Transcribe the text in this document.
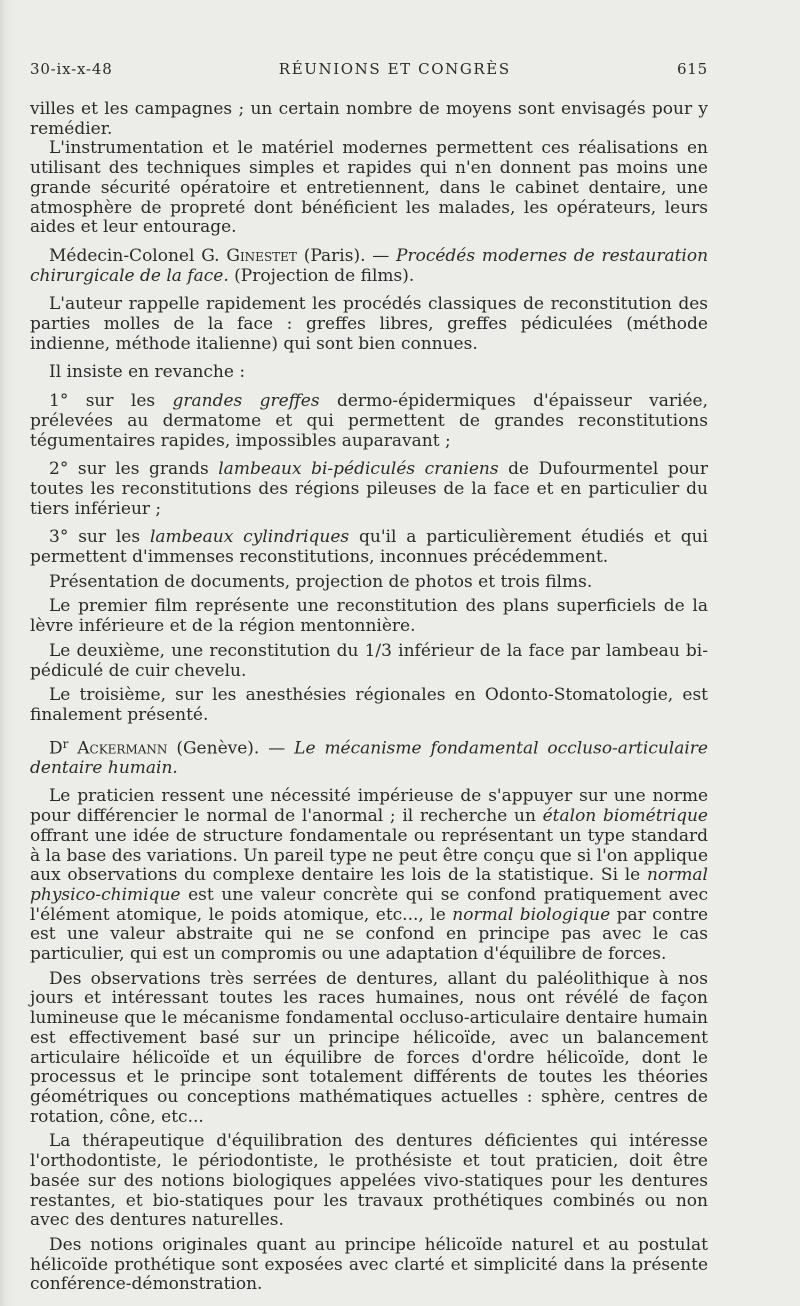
30-ix-x-48	RÉUNIONS ET CONGRÈS	615

villes et les campagnes ; un certain nombre de moyens sont envisagés pour y remédier.

L'instrumentation et le matériel modernes permettent ces réalisations en utilisant des techniques simples et rapides qui n'en donnent pas moins une grande sécurité opératoire et entretiennent, dans le cabinet dentaire, une atmosphère de propreté dont bénéficient les malades, les opérateurs, leurs aides et leur entourage.

Médecin-Colonel G. Ginestet (Paris). — Procédés modernes de restauration chirurgicale de la face. (Projection de films).

L'auteur rappelle rapidement les procédés classiques de reconstitution des parties molles de la face : greffes libres, greffes pédiculées (méthode indienne, méthode italienne) qui sont bien connues.

Il insiste en revanche :

1° sur les grandes greffes dermo-épidermiques d'épaisseur variée, prélevées au dermatome et qui permettent de grandes reconstitutions tégumentaires rapides, impossibles auparavant ;

2° sur les grands lambeaux bi-pédiculés craniens de Dufourmentel pour toutes les reconstitutions des régions pileuses de la face et en particulier du tiers inférieur ;

3° sur les lambeaux cylindriques qu'il a particulièrement étudiés et qui permettent d'immenses reconstitutions, inconnues précédemment.

Présentation de documents, projection de photos et trois films.

Le premier film représente une reconstitution des plans superficiels de la lèvre inférieure et de la région mentonnière.

Le deuxième, une reconstitution du 1/3 inférieur de la face par lambeau bi-pédiculé de cuir chevelu.

Le troisième, sur les anesthésies régionales en Odonto-Stomatologie, est finalement présenté.

$D^r$ Ackermann (Genève). — Le mécanisme fondamental occluso-articulaire dentaire humain.

Le praticien ressent une nécessité impérieuse de s'appuyer sur une norme pour différencier le normal de l'anormal ; il recherche un étalon biométrique offrant une idée de structure fondamentale ou représentant un type standard à la base des variations. Un pareil type ne peut être conçu que si l'on applique aux observations du complexe dentaire les lois de la statistique. Si le normal physico-chimique est une valeur concrète qui se confond pratiquement avec l'élément atomique, le poids atomique, etc..., le normal biologique par contre est une valeur abstraite qui ne se confond en principe pas avec le cas particulier, qui est un compromis ou une adaptation d'équilibre de forces.

Des observations très serrées de dentures, allant du paléolithique à nos jours et intéressant toutes les races humaines, nous ont révélé de façon lumineuse que le mécanisme fondamental occluso-articulaire dentaire humain est effectivement basé sur un principe hélicoïde, avec un balancement articulaire hélicoïde et un équilibre de forces d'ordre hélicoïde, dont le processus et le principe sont totalement différents de toutes les théories géométriques ou conceptions mathématiques actuelles : sphère, centres de rotation, cône, etc...

La thérapeutique d'équilibration des dentures déficientes qui intéresse l'orthodontiste, le périodontiste, le prothésiste et tout praticien, doit être basée sur des notions biologiques appelées vivo-statiques pour les dentures restantes, et bio-statiques pour les travaux prothétiques combinés ou non avec des dentures naturelles.

Des notions originales quant au principe hélicoïde naturel et au postulat hélicoïde prothétique sont exposées avec clarté et simplicité dans la présente conférence-démonstration.
